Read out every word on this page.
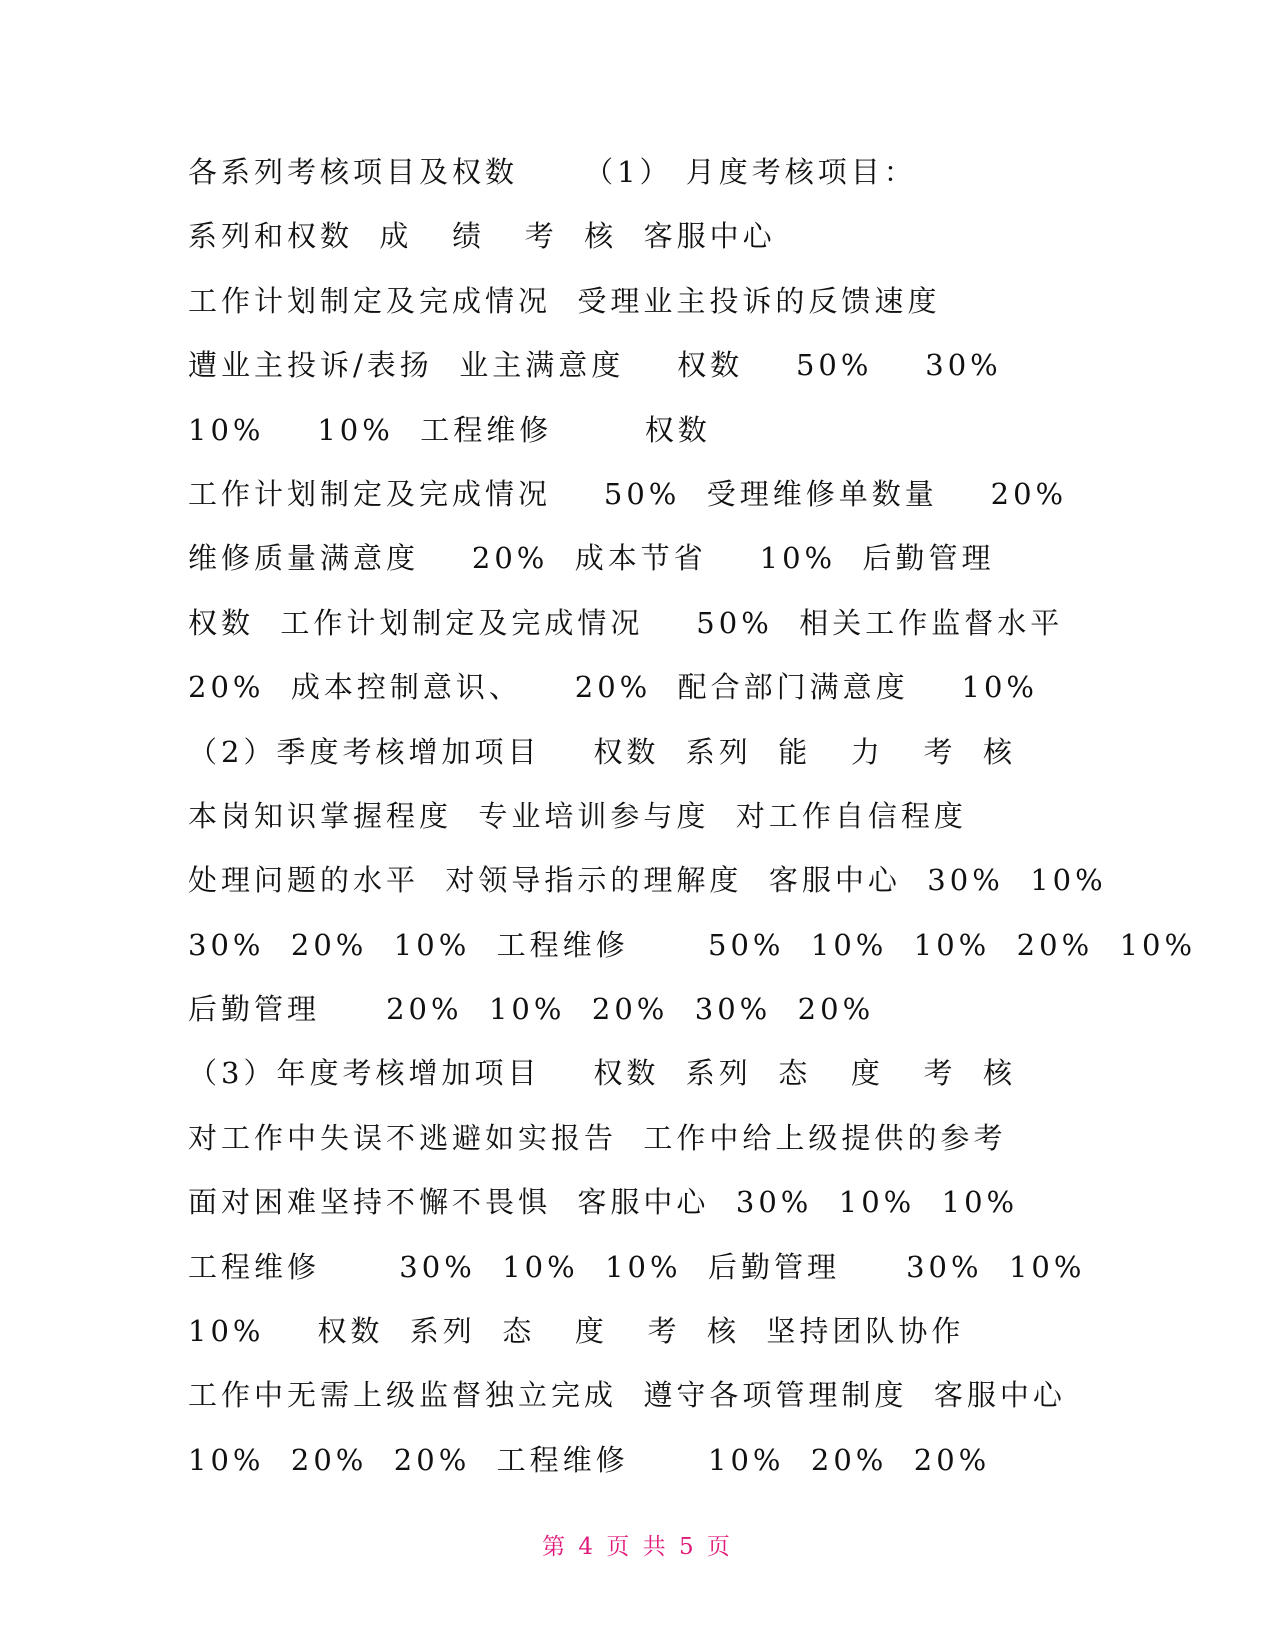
各系列考核项目及权数     （1） 月度考核项目：
系列和权数  成   绩   考  核  客服中心
工作计划制定及完成情况  受理业主投诉的反馈速度
遭业主投诉/表扬  业主满意度    权数    50%    30%
10%    10%  工程维修       权数
工作计划制定及完成情况    50%  受理维修单数量    20%
维修质量满意度    20%  成本节省    10%  后勤管理
权数  工作计划制定及完成情况    50%  相关工作监督水平
20%  成本控制意识、    20%  配合部门满意度    10%
（2）季度考核增加项目    权数  系列  能   力   考  核
本岗知识掌握程度  专业培训参与度  对工作自信程度
处理问题的水平  对领导指示的理解度  客服中心  30%  10%
30%  20%  10%  工程维修      50%  10%  10%  20%  10%
后勤管理     20%  10%  20%  30%  20%
（3）年度考核增加项目    权数  系列  态   度   考  核
对工作中失误不逃避如实报告  工作中给上级提供的参考
面对困难坚持不懈不畏惧  客服中心  30%  10%  10%
工程维修      30%  10%  10%  后勤管理     30%  10%
10%    权数  系列  态   度   考  核  坚持团队协作
工作中无需上级监督独立完成  遵守各项管理制度  客服中心
10%  20%  20%  工程维修      10%  20%  20%
第 4 页 共 5 页
